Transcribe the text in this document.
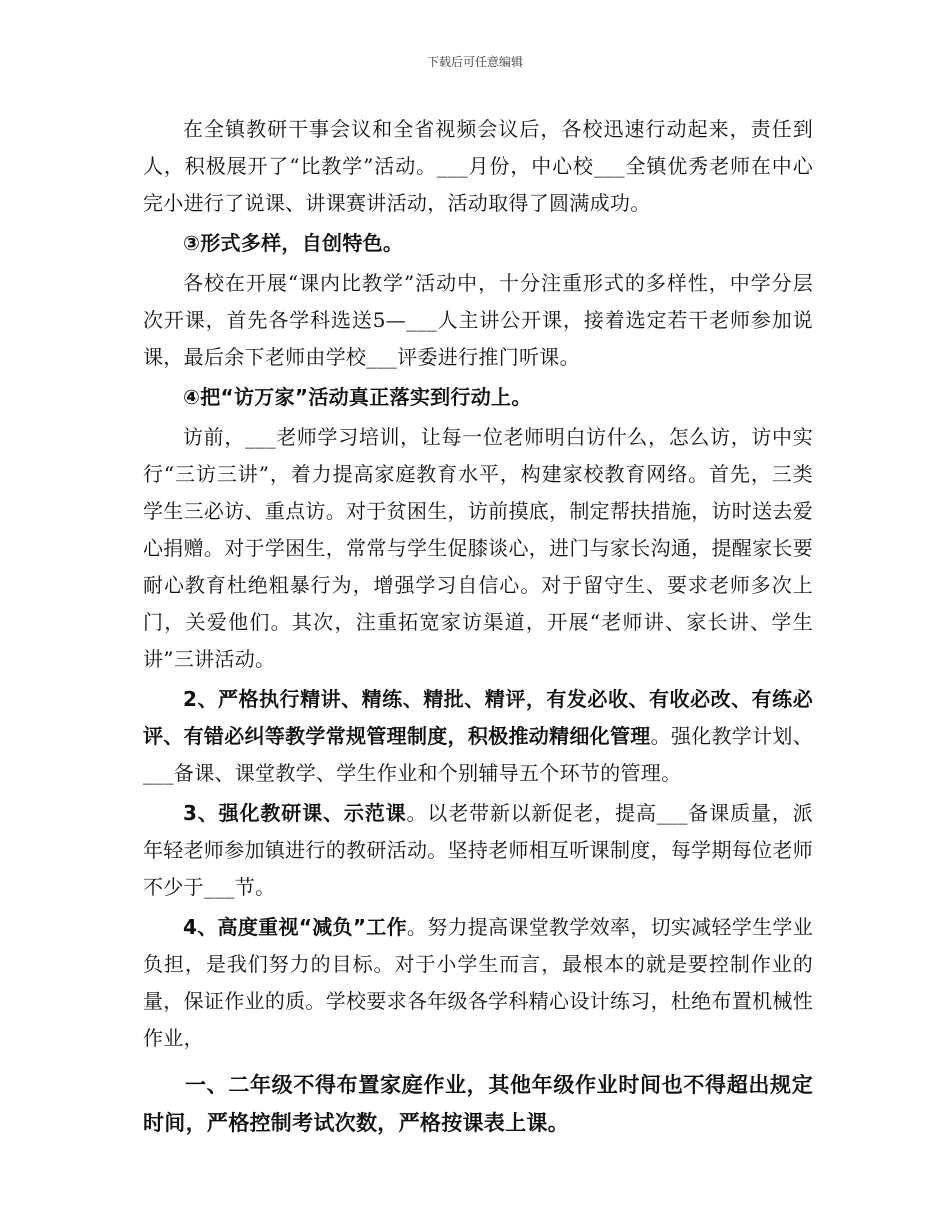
下载后可任意编辑

在全镇教研干事会议和全省视频会议后，各校迅速行动起来，责任到人，积极展开了“比教学”活动。___月份，中心校___全镇优秀老师在中心完小进行了说课、讲课赛讲活动，活动取得了圆满成功。

③形式多样，自创特色。

各校在开展“课内比教学”活动中，十分注重形式的多样性，中学分层次开课，首先各学科选送5—___人主讲公开课，接着选定若干老师参加说课，最后余下老师由学校___评委进行推门听课。

④把“访万家”活动真正落实到行动上。

访前，___老师学习培训，让每一位老师明白访什么，怎么访，访中实行“三访三讲”，着力提高家庭教育水平，构建家校教育网络。首先，三类学生三必访、重点访。对于贫困生，访前摸底，制定帮扶措施，访时送去爱心捐赠。对于学困生，常常与学生促膝谈心，进门与家长沟通，提醒家长要耐心教育杜绝粗暴行为，增强学习自信心。对于留守生、要求老师多次上门，关爱他们。其次，注重拓宽家访渠道，开展“老师讲、家长讲、学生讲”三讲活动。

2、严格执行精讲、精练、精批、精评，有发必收、有收必改、有练必评、有错必纠等教学常规管理制度，积极推动精细化管理。强化教学计划、___备课、课堂教学、学生作业和个别辅导五个环节的管理。

3、强化教研课、示范课。以老带新以新促老，提高___备课质量，派年轻老师参加镇进行的教研活动。坚持老师相互听课制度，每学期每位老师不少于___节。

4、高度重视“减负”工作。努力提高课堂教学效率，切实减轻学生学业负担，是我们努力的目标。对于小学生而言，最根本的就是要控制作业的量，保证作业的质。学校要求各年级各学科精心设计练习，杜绝布置机械性作业，

一、二年级不得布置家庭作业，其他年级作业时间也不得超出规定时间，严格控制考试次数，严格按课表上课。
